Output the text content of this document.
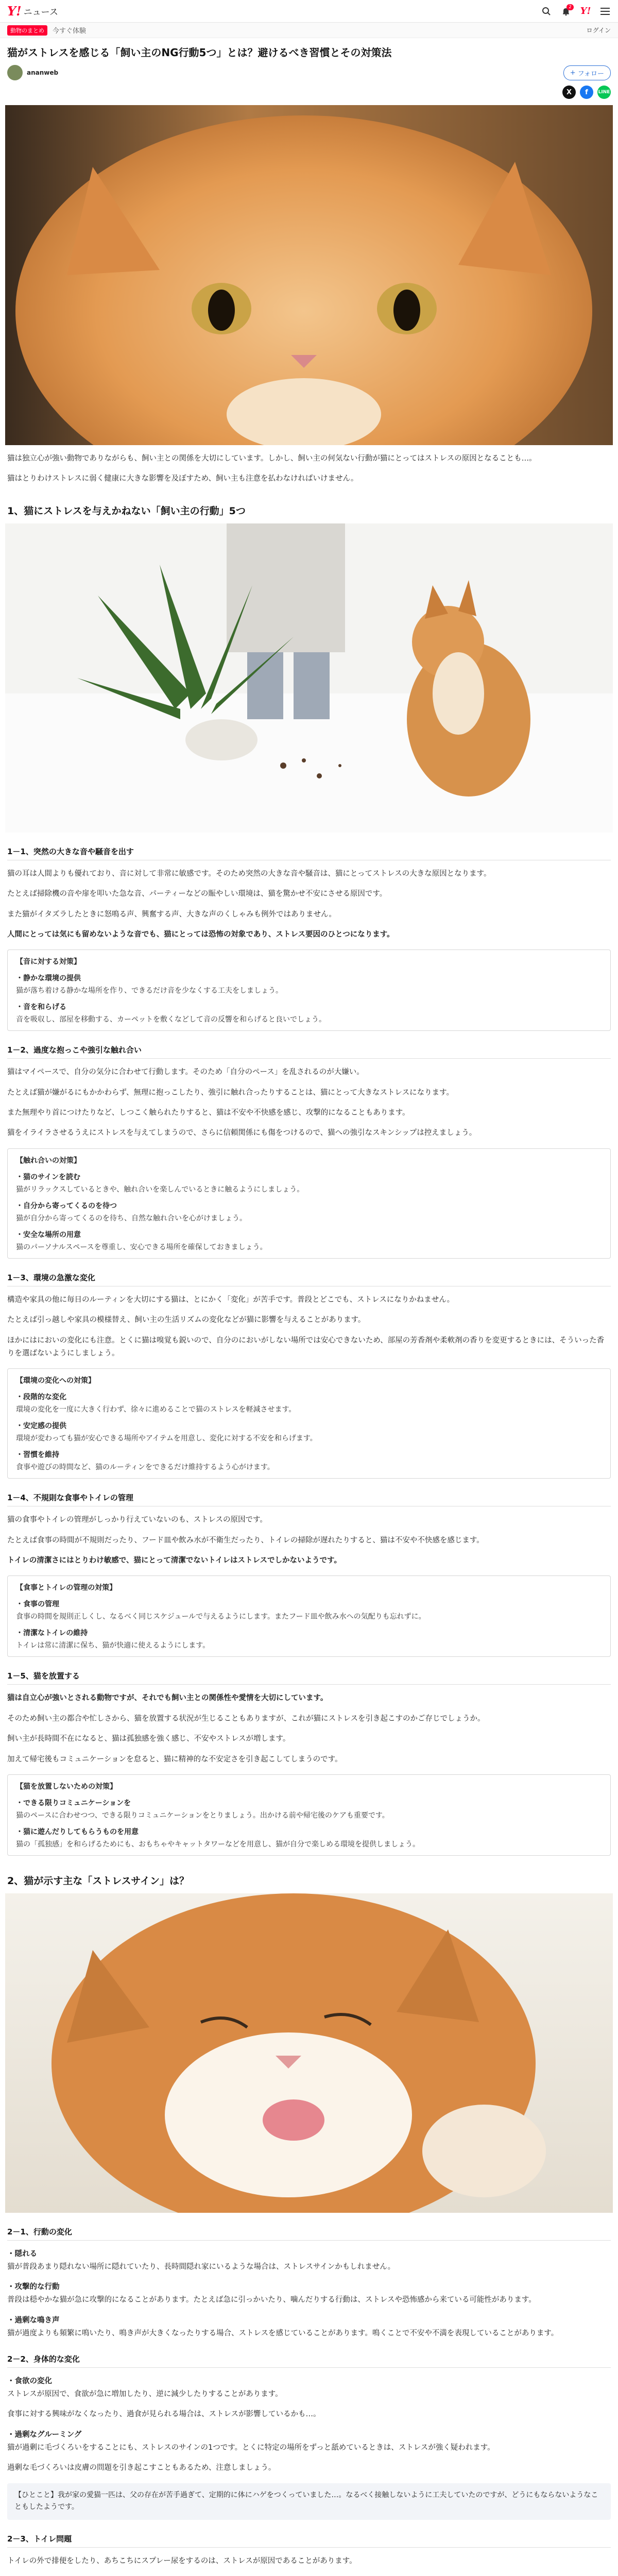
Y! ニュース
2 Y!
動物のまとめ	今すぐ体験	ログイン
猫がストレスを感じる「飼い主のNG行動5つ」とは？避けるべき習慣とその対策法
ananweb	+ フォロー
X	f	LINE

猫は独立心が強い動物でありながらも、飼い主との関係を大切にしています。しかし、飼い主の何気ない行動が猫にとってはストレスの原因となることも…。

猫はとりわけストレスに弱く健康に大きな影響を及ぼすため、飼い主も注意を払わなければいけません。

1、猫にストレスを与えかねない「飼い主の行動」5つ
1－1、突然の大きな音や騒音を出す

猫の耳は人間よりも優れており、音に対して非常に敏感です。そのため突然の大きな音や騒音は、猫にとってストレスの大きな原因となります。

たとえば掃除機の音や扉を叩いた急な音、パーティーなどの賑やしい環境は、猫を驚かせ不安にさせる原因です。

また猫がイタズラしたときに怒鳴る声、興奮する声、大きな声のくしゃみも例外ではありません。

人間にとっては気にも留めないような音でも、猫にとっては恐怖の対象であり、ストレス要因のひとつになります。

【音に対する対策】
・静かな環境の提供
猫が落ち着ける静かな場所を作り、できるだけ音を少なくする工夫をしましょう。
・音を和らげる
音を吸収し、部屋を移動する、カーペットを敷くなどして音の反響を和らげると良いでしょう。
1－2、過度な抱っこや強引な触れ合い

猫はマイペースで、自分の気分に合わせて行動します。そのため「自分のペース」を乱されるのが大嫌い。

たとえば猫が嫌がるにもかかわらず、無理に抱っこしたり、強引に触れ合ったりすることは、猫にとって大きなストレスになります。

また無理やり首につけたりなど、しつこく触られたりすると、猫は不安や不快感を感じ、攻撃的になることもあります。

猫をイライラさせるうえにストレスを与えてしまうので、さらに信頼関係にも傷をつけるので、猫への強引なスキンシップは控えましょう。

【触れ合いの対策】
・猫のサインを読む
猫がリラックスしているときや、触れ合いを楽しんでいるときに触るようにしましょう。
・自分から寄ってくるのを待つ
猫が自分から寄ってくるのを待ち、自然な触れ合いを心がけましょう。
・安全な場所の用意
猫のパーソナルスペースを尊重し、安心できる場所を確保しておきましょう。
1－3、環境の急激な変化

構造や家具の他に毎日のルーティンを大切にする猫は、とにかく「変化」が苦手です。普段とどこでも、ストレスになりかねません。

たとえば引っ越しや家具の模様替え、飼い主の生活リズムの変化などが猫に影響を与えることがあります。

ほかにはにおいの変化にも注意。とくに猫は嗅覚も鋭いので、自分のにおいがしない場所では安心できないため、部屋の芳香剤や柔軟剤の香りを変更するときには、そういった香りを選ばないようにしましょう。

【環境の変化への対策】
・段階的な変化
環境の変化を一度に大きく行わず、徐々に進めることで猫のストレスを軽減させます。
・安定感の提供
環境が変わっても猫が安心できる場所やアイテムを用意し、変化に対する不安を和らげます。
・習慣を維持
食事や遊びの時間など、猫のルーティンをできるだけ維持するよう心がけます。
1－4、不規則な食事やトイレの管理

猫の食事やトイレの管理がしっかり行えていないのも、ストレスの原因です。

たとえば食事の時間が不規則だったり、フード皿や飲み水が不衛生だったり、トイレの掃除が遅れたりすると、猫は不安や不快感を感じます。

トイレの清潔さにはとりわけ敏感で、猫にとって清潔でないトイレはストレスでしかないようです。

【食事とトイレの管理の対策】
・食事の管理
食事の時間を規則正しくし、なるべく同じスケジュールで与えるようにします。またフード皿や飲み水への気配りも忘れずに。
・清潔なトイレの維持
トイレは常に清潔に保ち、猫が快適に使えるようにします。
1－5、猫を放置する

猫は自立心が強いとされる動物ですが、それでも飼い主との関係性や愛情を大切にしています。

そのため飼い主の都合や忙しさから、猫を放置する状況が生じることもありますが、これが猫にストレスを引き起こすのかご存じでしょうか。

飼い主が長時間不在になると、猫は孤独感を強く感じ、不安やストレスが増します。

加えて帰宅後もコミュニケーションを怠ると、猫に精神的な不安定さを引き起こしてしまうのです。

【猫を放置しないための対策】
・できる限りコミュニケーションを
猫のペースに合わせつつ、できる限りコミュニケーションをとりましょう。出かける前や帰宅後のケアも重要です。
・猫に遊んだりしてもらうものを用意
猫の「孤独感」を和らげるためにも、おもちゃやキャットタワーなどを用意し、猫が自分で楽しめる環境を提供しましょう。
2、猫が示す主な「ストレスサイン」は？
2－1、行動の変化
・隠れる

猫が普段あまり隠れない場所に隠れていたり、長時間隠れ家にいるような場合は、ストレスサインかもしれません。

・攻撃的な行動

普段は穏やかな猫が急に攻撃的になることがあります。たとえば急に引っかいたり、噛んだりする行動は、ストレスや恐怖感から来ている可能性があります。

・過剰な鳴き声

猫が過度よりも頻繁に鳴いたり、鳴き声が大きくなったりする場合、ストレスを感じていることがあります。鳴くことで不安や不満を表現していることがあります。

2－2、身体的な変化
・食欲の変化

ストレスが原因で、食欲が急に増加したり、逆に減少したりすることがあります。

食事に対する興味がなくなったり、過食が見られる場合は、ストレスが影響しているかも…。

・過剰なグルーミング

猫が過剰に毛づくろいをすることにも、ストレスのサインの1つです。とくに特定の場所をずっと舐めているときは、ストレスが強く疑われます。

過剰な毛づくろいは皮膚の問題を引き起こすこともあるため、注意しましょう。

【ひとこと】我が家の愛猫一匹は、父の存在が苦手過ぎて、定期的に体にハゲをつくっていました…。なるべく接触しないように工夫していたのですが、どうにもならないようなこともしたようです。
2－3、トイレ問題

トイレの外で排便をしたり、あちこちにスプレー尿をするのは、ストレスが原因であることがあります。
